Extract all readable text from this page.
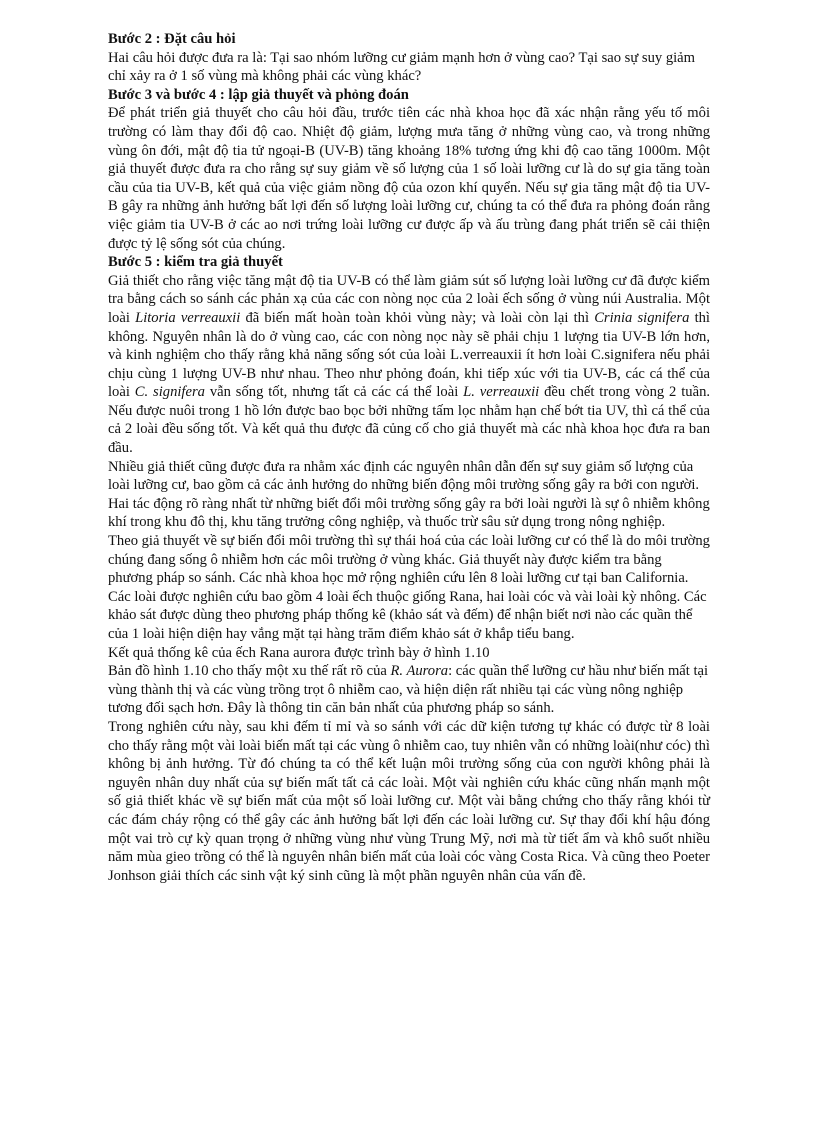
Bước 2 : Đặt câu hỏi

Hai câu hỏi được đưa ra là: Tại sao nhóm lưỡng cư giảm mạnh hơn ở vùng cao? Tại sao sự suy giảm chỉ xảy ra ở 1 số vùng mà không phải các vùng khác?

Bước 3 và bước 4 : lập giả thuyết và phỏng đoán

Để phát triển giả thuyết cho câu hỏi đầu, trước tiên các nhà khoa học đã xác nhận rằng yếu tố môi trường có làm thay đổi độ cao. Nhiệt độ giảm, lượng mưa tăng ở những vùng cao, và trong những vùng ôn đới, mật độ tia tử ngoại-B (UV-B) tăng khoảng 18% tương ứng khi độ cao tăng 1000m. Một giả thuyết được đưa ra cho rằng sự suy giảm về số lượng của 1 số loài lưỡng cư là do sự gia tăng toàn cầu của tia UV-B, kết quả của việc giảm nồng độ của ozon khí quyển. Nếu sự gia tăng mật độ tia UV-B gây ra những ảnh hưởng bất lợi đến số lượng loài lưỡng cư, chúng ta có thể đưa ra phỏng đoán rằng việc giảm tia UV-B ở các ao nơi trứng loài lưỡng cư được ấp và ấu trùng đang phát triển sẽ cải thiện được tỷ lệ sống sót của chúng.

Bước 5 : kiểm tra giả thuyết

Giả thiết cho rằng việc tăng mật độ tia UV-B có thể làm giảm sút số lượng loài lưỡng cư đã được kiểm tra bằng cách so sánh các phản xạ của các con nòng nọc của 2 loài ếch sống ở vùng núi Australia. Một loài Litoria verreauxii đã biến mất hoàn toàn khỏi vùng này; và loài còn lại thì Crinia signifera thì không. Nguyên nhân là do ở vùng cao, các con nòng nọc này sẽ phải chịu 1 lượng tia UV-B lớn hơn, và kinh nghiệm cho thấy rằng khả năng sống sót của loài L.verreauxii ít hơn loài C.signifera nếu phải chịu cùng 1 lượng UV-B như nhau. Theo như phỏng đoán, khi tiếp xúc với tia UV-B, các cá thể của loài C. signifera vẫn sống tốt, nhưng tất cả các cá thể loài L. verreauxii đều chết trong vòng 2 tuần. Nếu được nuôi trong 1 hồ lớn được bao bọc bởi những tấm lọc nhằm hạn chế bớt tia UV, thì cá thể của cả 2 loài đều sống tốt. Và kết quả thu được đã củng cố cho giả thuyết mà các nhà khoa học đưa ra ban đầu.

Nhiều giả thiết cũng được đưa ra nhằm xác định các nguyên nhân dẫn đến sự suy giảm số lượng của loài lưỡng cư, bao gồm cả các ảnh hưởng do những biến động môi trường sống gây ra bởi con người. Hai tác động rõ ràng nhất từ những biết đổi môi trường sống gây ra bởi loài người là sự ô nhiễm không khí trong khu đô thị, khu tăng trưởng công nghiệp, và thuốc trừ sâu sử dụng trong nông nghiệp.

Theo giả thuyết về sự biến đổi môi trường thì sự thái hoá của các loài lưỡng cư có thể là do môi trường chúng đang sống ô nhiễm hơn các môi trường ở vùng khác. Giả thuyết này được kiểm tra bằng phương pháp so sánh. Các nhà khoa học mở rộng nghiên cứu lên 8 loài lưỡng cư tại ban California. Các loài được nghiên cứu bao gồm 4 loài ếch thuộc giống Rana, hai loài cóc và vài loài kỳ nhông. Các khảo sát được dùng theo phương pháp thống kê (khảo sát và đếm) để nhận biết nơi nào các quần thể của 1 loài hiện diện hay vắng mặt tại hàng trăm điểm khảo sát ở khắp tiểu bang.

Kết quả thống kê của ếch Rana aurora được trình bày ở hình 1.10

Bản đồ hình 1.10 cho thấy một xu thế rất rõ của R. Aurora: các quần thể lưỡng cư hầu như biến mất tại vùng thành thị và các vùng trồng trọt ô nhiễm cao, và hiện diện rất nhiều tại các vùng nông nghiệp tương đối sạch hơn. Đây là thông tin căn bản nhất của phương pháp so sánh.

Trong nghiên cứu này, sau khi đếm tỉ mỉ và so sánh với các dữ kiện tương tự khác có được từ 8 loài cho thấy rằng một vài loài biến mất tại các vùng ô nhiễm cao, tuy nhiên vẫn có những loài(như cóc) thì không bị ảnh hưởng. Từ đó chúng ta có thể kết luận môi trường sống của con người không phải là nguyên nhân duy nhất của sự biến mất tất cả các loài. Một vài nghiên cứu khác cũng nhấn mạnh một số giả thiết khác về sự biến mất của một số loài lưỡng cư. Một vài bằng chứng cho thấy rằng khói từ các đám cháy rộng có thể gây các ảnh hưởng bất lợi đến các loài lưỡng cư. Sự thay đổi khí hậu đóng một vai trò cự kỳ quan trọng ở những vùng như vùng Trung Mỹ, nơi mà từ tiết ẩm và khô suốt nhiều năm mùa gieo trồng có thể là nguyên nhân biến mất của loài cóc vàng Costa Rica. Và cũng theo Poeter Jonhson giải thích các sinh vật ký sinh cũng là một phần nguyên nhân của vấn đề.
